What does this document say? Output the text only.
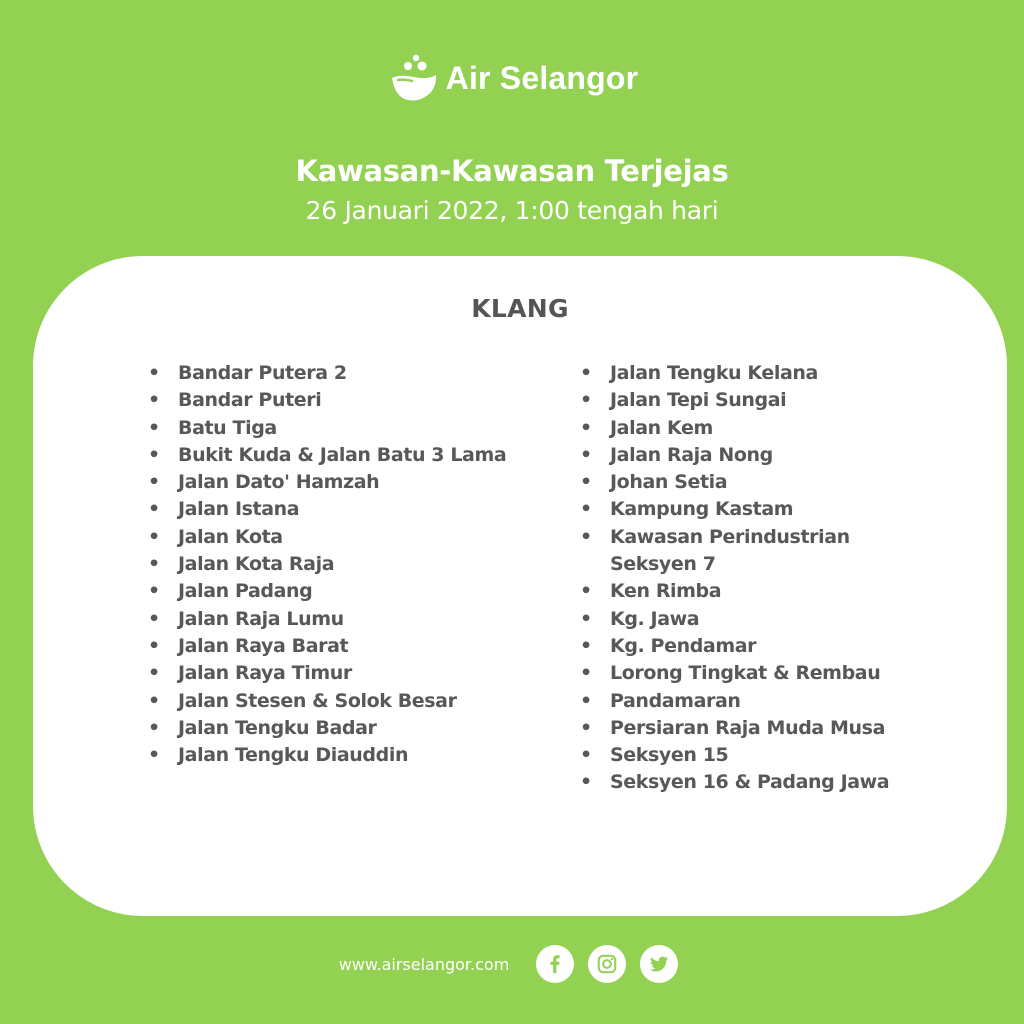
Air Selangor
Kawasan-Kawasan Terjejas
26 Januari 2022, 1:00 tengah hari
KLANG
• Bandar Putera 2
• Bandar Puteri
• Batu Tiga
• Bukit Kuda & Jalan Batu 3 Lama
• Jalan Dato' Hamzah
• Jalan Istana
• Jalan Kota
• Jalan Kota Raja
• Jalan Padang
• Jalan Raja Lumu
• Jalan Raya Barat
• Jalan Raya Timur
• Jalan Stesen & Solok Besar
• Jalan Tengku Badar
• Jalan Tengku Diauddin
• Jalan Tengku Kelana
• Jalan Tepi Sungai
• Jalan Kem
• Jalan Raja Nong
• Johan Setia
• Kampung Kastam
• Kawasan Perindustrian
Seksyen 7
• Ken Rimba
• Kg. Jawa
• Kg. Pendamar
• Lorong Tingkat & Rembau
• Pandamaran
• Persiaran Raja Muda Musa
• Seksyen 15
• Seksyen 16 & Padang Jawa
www.airselangor.com
